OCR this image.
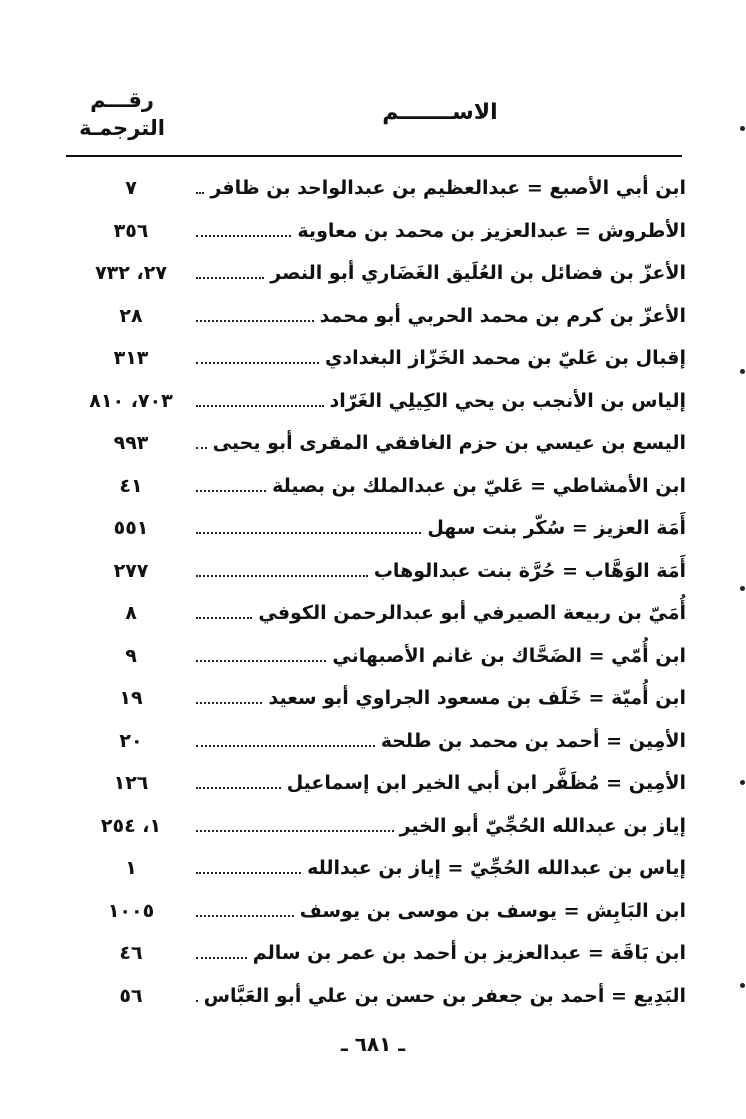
رقـــم
الترجمـة
الاســـــــم
ابن أبي الأصبع = عبدالعظيم بن عبدالواحد بن ظافر
٧
الأطروش = عبدالعزيز بن محمد بن معاوية
٣٥٦
الأعزّ بن فضائل بن العُلَيق الغَضَاري أبو النصر
٢٧، ٧٣٢
الأعزّ بن كرم بن محمد الحربي أبو محمد
٢٨
إقبال بن عَليّ بن محمد الخَزّاز البغدادي
٣١٣
إلياس بن الأنجب بن يحي الكِيلِي الغَرّاد
٧٠٣، ٨١٠
اليسع بن عيسي بن حزم الغافقي المقرى أبو يحيى
٩٩٣
ابن الأمشاطي = عَليّ بن عبدالملك بن بصيلة
٤١
أَمَة العزيز = سُكّر بنت سهل
٥٥١
أَمَة الوَهَّاب = حُرَّة بنت عبدالوهاب
٢٧٧
أُمَيّ بن ربيعة الصيرفي أبو عبدالرحمن الكوفي
٨
ابن أُمّي = الضَحَّاك بن غانم الأصبهاني
٩
ابن أُميّة = خَلَف بن مسعود الجراوي أبو سعيد
١٩
الأمِين = أحمد بن محمد بن طلحة
٢٠
الأمِين = مُظَفَّر ابن أبي الخير ابن إسماعيل
١٢٦
إياز بن عبدالله الحُجِّيّ أبو الخير
١، ٢٥٤
إياس بن عبدالله الحُجِّيّ = إياز بن عبدالله
١
ابن البَابِش = يوسف بن موسى بن يوسف
١٠٠٥
ابن بَاقَة = عبدالعزيز بن أحمد بن عمر بن سالم
٤٦
البَدِيع = أحمد بن جعفر بن حسن بن علي أبو العَبَّاس
٥٦
ـ ٦٨١ ـ
